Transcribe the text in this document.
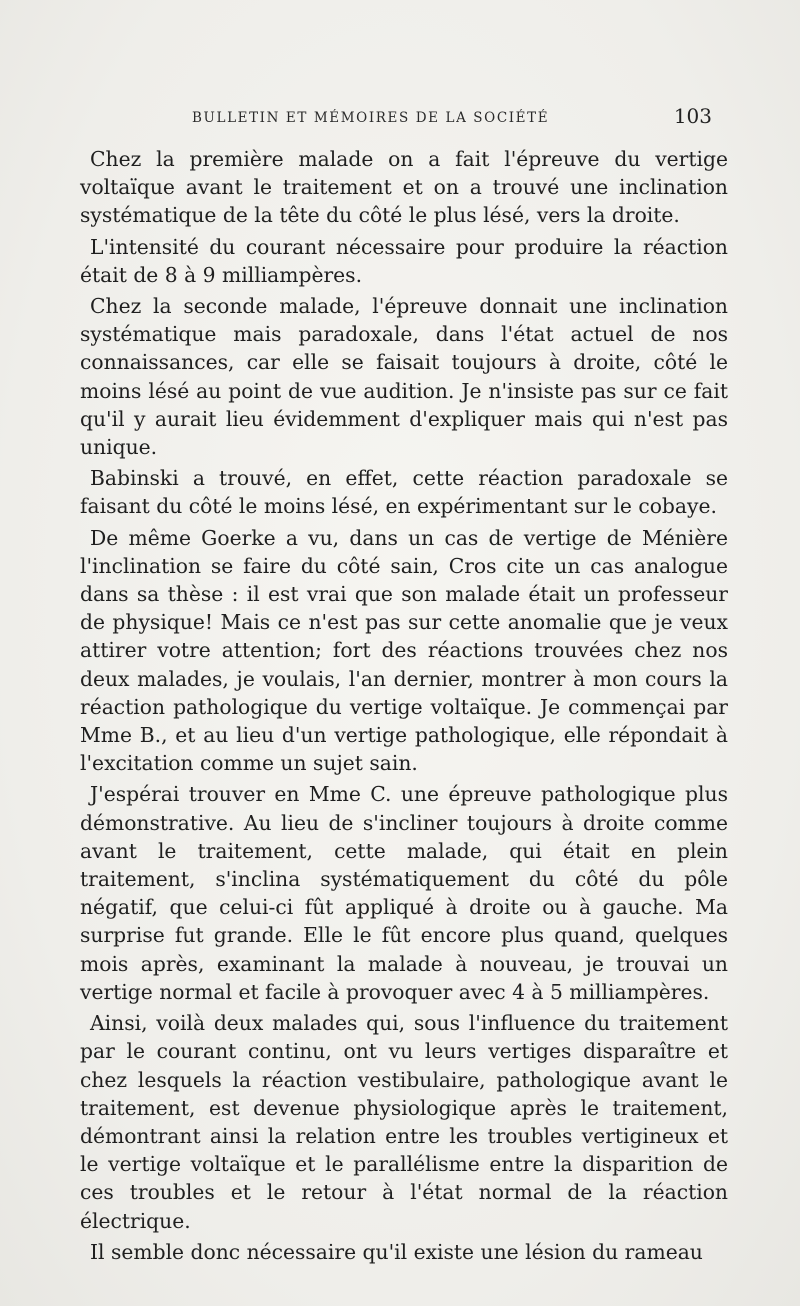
BULLETIN ET MÉMOIRES DE LA SOCIÉTÉ	103

Chez la première malade on a fait l'épreuve du vertige voltaïque avant le traitement et on a trouvé une inclination systématique de la tête du côté le plus lésé, vers la droite.

L'intensité du courant nécessaire pour produire la réaction était de 8 à 9 milliampères.

Chez la seconde malade, l'épreuve donnait une inclination systématique mais paradoxale, dans l'état actuel de nos connaissances, car elle se faisait toujours à droite, côté le moins lésé au point de vue audition. Je n'insiste pas sur ce fait qu'il y aurait lieu évidemment d'expliquer mais qui n'est pas unique.

Babinski a trouvé, en effet, cette réaction paradoxale se faisant du côté le moins lésé, en expérimentant sur le cobaye.

De même Goerke a vu, dans un cas de vertige de Ménière l'inclination se faire du côté sain, Cros cite un cas analogue dans sa thèse : il est vrai que son malade était un professeur de physique! Mais ce n'est pas sur cette anomalie que je veux attirer votre attention; fort des réactions trouvées chez nos deux malades, je voulais, l'an dernier, montrer à mon cours la réaction pathologique du vertige voltaïque. Je commençai par Mme B., et au lieu d'un vertige pathologique, elle répondait à l'excitation comme un sujet sain.

J'espérai trouver en Mme C. une épreuve pathologique plus démonstrative. Au lieu de s'incliner toujours à droite comme avant le traitement, cette malade, qui était en plein traitement, s'inclina systématiquement du côté du pôle négatif, que celui-ci fût appliqué à droite ou à gauche. Ma surprise fut grande. Elle le fût encore plus quand, quelques mois après, examinant la malade à nouveau, je trouvai un vertige normal et facile à provoquer avec 4 à 5 milliampères.

Ainsi, voilà deux malades qui, sous l'influence du traitement par le courant continu, ont vu leurs vertiges disparaître et chez lesquels la réaction vestibulaire, pathologique avant le traitement, est devenue physiologique après le traitement, démontrant ainsi la relation entre les troubles vertigineux et le vertige voltaïque et le parallélisme entre la disparition de ces troubles et le retour à l'état normal de la réaction électrique.

Il semble donc nécessaire qu'il existe une lésion du rameau
